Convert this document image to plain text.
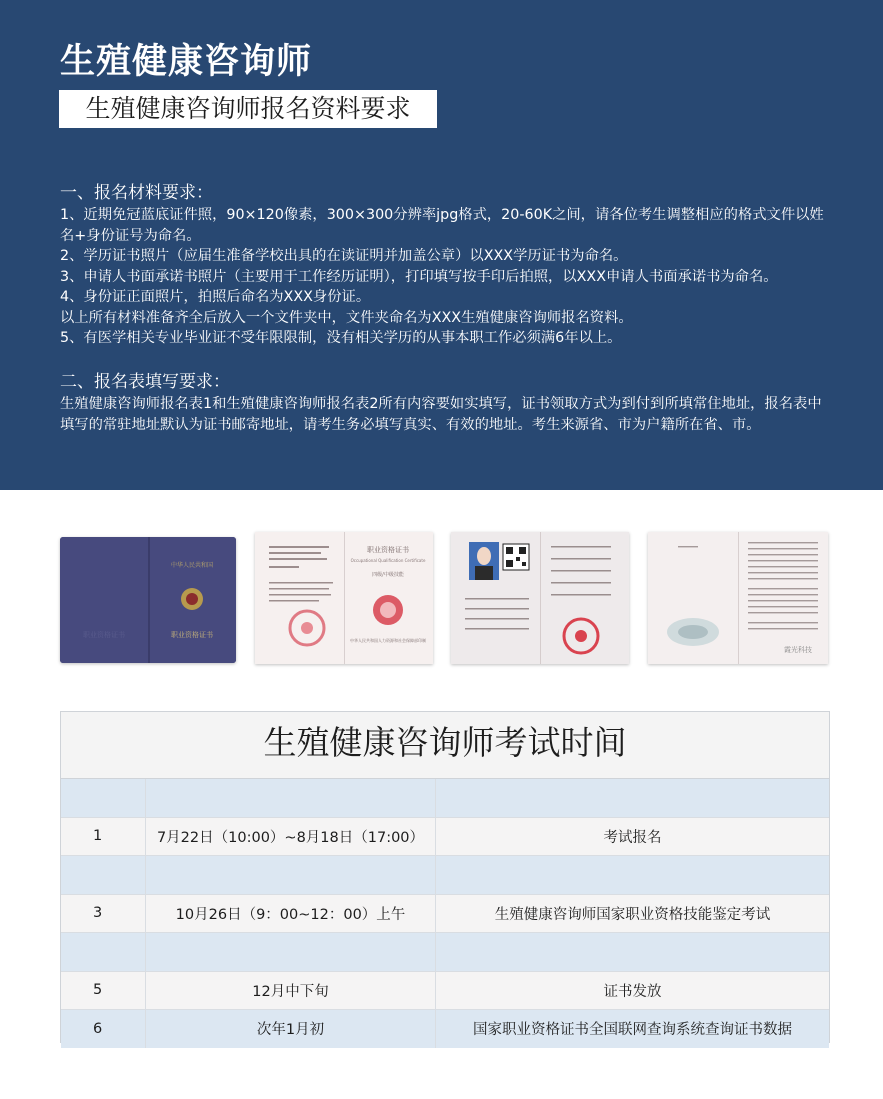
生殖健康咨询师
生殖健康咨询师报名资料要求
一、报名材料要求：

1、近期免冠蓝底证件照，90×120像素，300×300分辨率jpg格式，20-60K之间，请各位考生调整相应的格式文件以姓名+身份证号为命名。

2、学历证书照片（应届生准备学校出具的在读证明并加盖公章）以XXX学历证书为命名。

3、申请人书面承诺书照片（主要用于工作经历证明），打印填写按手印后拍照，以XXX申请人书面承诺书为命名。

4、身份证正面照片，拍照后命名为XXX身份证。

以上所有材料准备齐全后放入一个文件夹中，文件夹命名为XXX生殖健康咨询师报名资料。

5、有医学相关专业毕业证不受年限限制，没有相关学历的从事本职工作必须满6年以上。

二、报名表填写要求：

生殖健康咨询师报名表1和生殖健康咨询师报名表2所有内容要如实填写，证书领取方式为到付到所填常住地址，报名表中填写的常驻地址默认为证书邮寄地址，请考生务必填写真实、有效的地址。考生来源省、市为户籍所在省、市。

中华人民共和国
职业资格证书
职业资格证书
职业资格证书
Occupational Qualification Certificate
四级/中级技能
中华人民共和国人力资源和社会保障部印制
霞光科技
生殖健康咨询师考试时间
1	7月22日（10:00）~8月18日（17:00）	考试报名
3	10月26日（9：00~12：00）上午	生殖健康咨询师国家职业资格技能鉴定考试
5	12月中下旬	证书发放
6	次年1月初	国家职业资格证书全国联网查询系统查询证书数据
